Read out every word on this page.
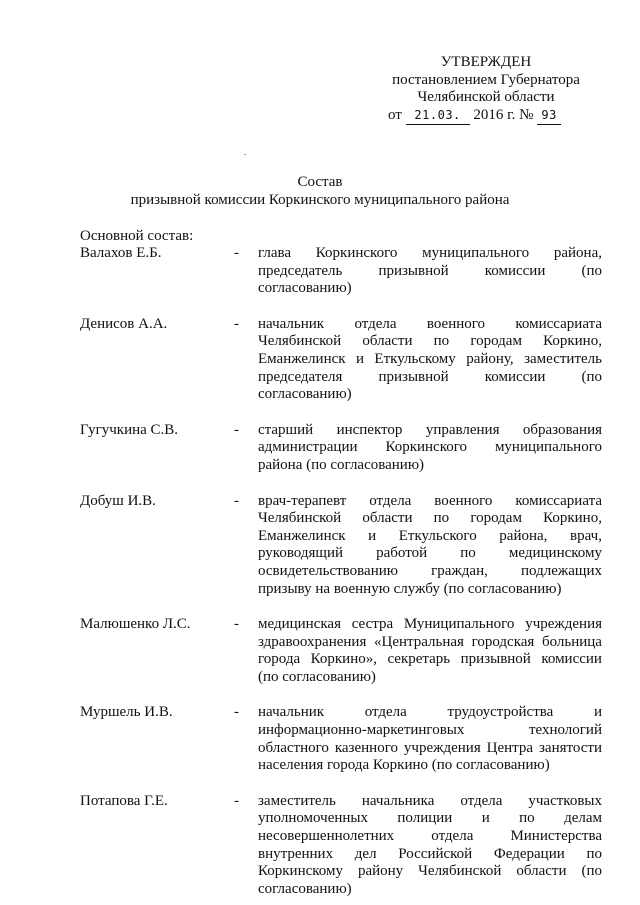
УТВЕРЖДЕН
постановлением Губернатора
Челябинской области
от 21.03. 2016 г. № 93
Состав
призывной комиссии Коркинского муниципального района
Основной состав:
Валахов Е.Б.	-	глава Коркинского муниципального района,
председатель призывной комиссии (по
согласованию)
Денисов А.А.	-	начальник отдела военного комиссариата
Челябинской области по городам Коркино,
Еманжелинск и Еткульскому району, заместитель
председателя призывной комиссии (по
согласованию)
Гугучкина С.В.	-	старший инспектор управления образования
администрации Коркинского муниципального
района (по согласованию)
Добуш И.В.	-	врач-терапевт отдела военного комиссариата
Челябинской области по городам Коркино,
Еманжелинск и Еткульского района, врач,
руководящий работой по медицинскому
освидетельствованию граждан, подлежащих
призыву на военную службу (по согласованию)
Малюшенко Л.С.	-	медицинская сестра Муниципального учреждения
здравоохранения «Центральная городская больница
города Коркино», секретарь призывной комиссии
(по согласованию)
Муршель И.В.	-	начальник	отдела	трудоустройства	и
информационно-маркетинговых	технологий
областного казенного учреждения Центра занятости
населения города Коркино (по согласованию)
Потапова Г.Е.	-	заместитель начальника отдела участковых
уполномоченных полиции и по делам
несовершеннолетних отдела Министерства
внутренних дел Российской Федерации по
Коркинскому району Челябинской области (по
согласованию)
